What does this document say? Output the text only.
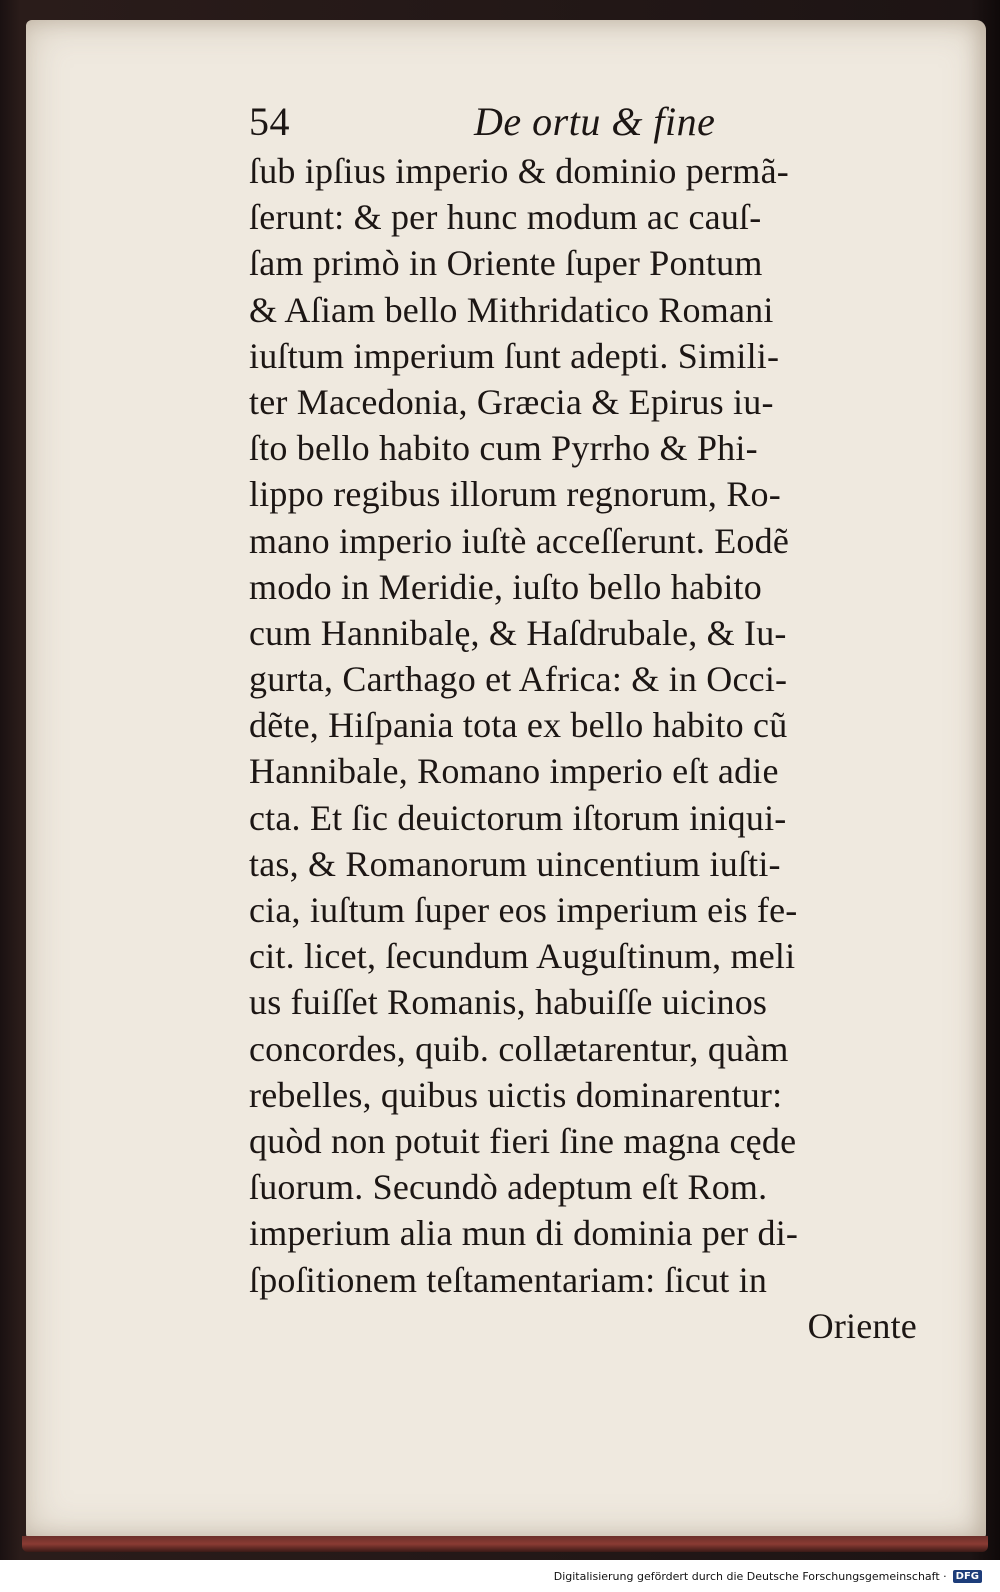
54	De ortu & fine
ſub ipſius imperio & dominio permã-
ſerunt: & per hunc modum ac cauſ-
ſam primò in Oriente ſuper Pontum
& Aſiam bello Mithridatico Romani
iuſtum imperium ſunt adepti. Simili-
ter Macedonia, Græcia & Epirus iu-
ſto bello habito cum Pyrrho & Phi-
lippo regibus illorum regnorum, Ro-
mano imperio iuſtè acceſſerunt. Eodẽ
modo in Meridie, iuſto bello habito
cum Hannibalę, & Haſdrubale, & Iu-
gurta, Carthago et Africa: & in Occi-
dẽte, Hiſpania tota ex bello habito cũ
Hannibale, Romano imperio eſt adie
cta. Et ſic deuictorum iſtorum iniqui-
tas, & Romanorum uincentium iuſti-
cia, iuſtum ſuper eos imperium eis fe-
cit. licet, ſecundum Auguſtinum, meli
us fuiſſet Romanis, habuiſſe uicinos
concordes, quib. collætarentur, quàm
rebelles, quibus uictis dominarentur:
quòd non potuit fieri ſine magna cęde
ſuorum. Secundò adeptum eſt Rom.
imperium alia mun di dominia per di-
ſpoſitionem teſtamentariam: ſicut in
Oriente
Digitalisierung gefördert durch die Deutsche Forschungsgemeinschaft · DFG
